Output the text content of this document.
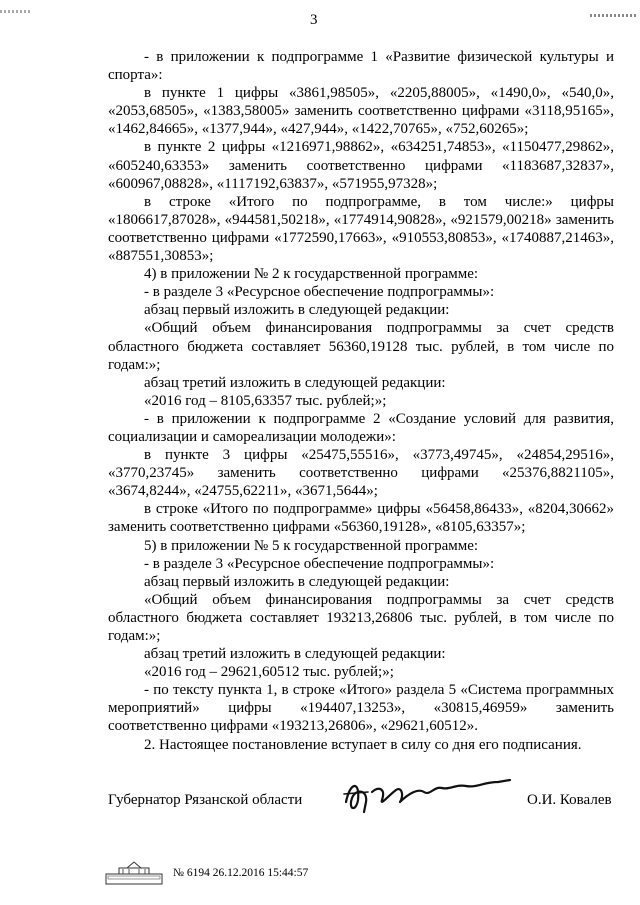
3

- в приложении к подпрограмме 1 «Развитие физической культуры и спорта»:

в пункте 1 цифры «3861,98505», «2205,88005», «1490,0», «540,0», «2053,68505», «1383,58005» заменить соответственно цифрами «3118,95165», «1462,84665», «1377,944», «427,944», «1422,70765», «752,60265»;

в пункте 2 цифры «1216971,98862», «634251,74853», «1150477,29862», «605240,63353» заменить соответственно цифрами «1183687,32837», «600967,08828», «1117192,63837», «571955,97328»;

в строке «Итого по подпрограмме, в том числе:» цифры «1806617,87028», «944581,50218», «1774914,90828», «921579,00218» заменить соответственно цифрами «1772590,17663», «910553,80853», «1740887,21463», «887551,30853»;

4) в приложении № 2 к государственной программе:

- в разделе 3 «Ресурсное обеспечение подпрограммы»:

абзац первый изложить в следующей редакции:

«Общий объем финансирования подпрограммы за счет средств областного бюджета составляет 56360,19128 тыс. рублей, в том числе по годам:»;

абзац третий изложить в следующей редакции:

«2016 год – 8105,63357 тыс. рублей;»;

- в приложении к подпрограмме 2 «Создание условий для развития, социализации и самореализации молодежи»:

в пункте 3 цифры «25475,55516», «3773,49745», «24854,29516», «3770,23745» заменить соответственно цифрами «25376,8821105», «3674,8244», «24755,62211», «3671,5644»;

в строке «Итого по подпрограмме» цифры «56458,86433», «8204,30662» заменить соответственно цифрами «56360,19128», «8105,63357»;

5) в приложении № 5 к государственной программе:

- в разделе 3 «Ресурсное обеспечение подпрограммы»:

абзац первый изложить в следующей редакции:

«Общий объем финансирования подпрограммы за счет средств областного бюджета составляет 193213,26806 тыс. рублей, в том числе по годам:»;

абзац третий изложить в следующей редакции:

«2016 год – 29621,60512 тыс. рублей;»;

- по тексту пункта 1, в строке «Итого» раздела 5 «Система программных мероприятий» цифры «194407,13253», «30815,46959» заменить соответственно цифрами «193213,26806», «29621,60512».

2. Настоящее постановление вступает в силу со дня его подписания.

Губернатор Рязанской области	О.И. Ковалев
№ 6194 26.12.2016 15:44:57
